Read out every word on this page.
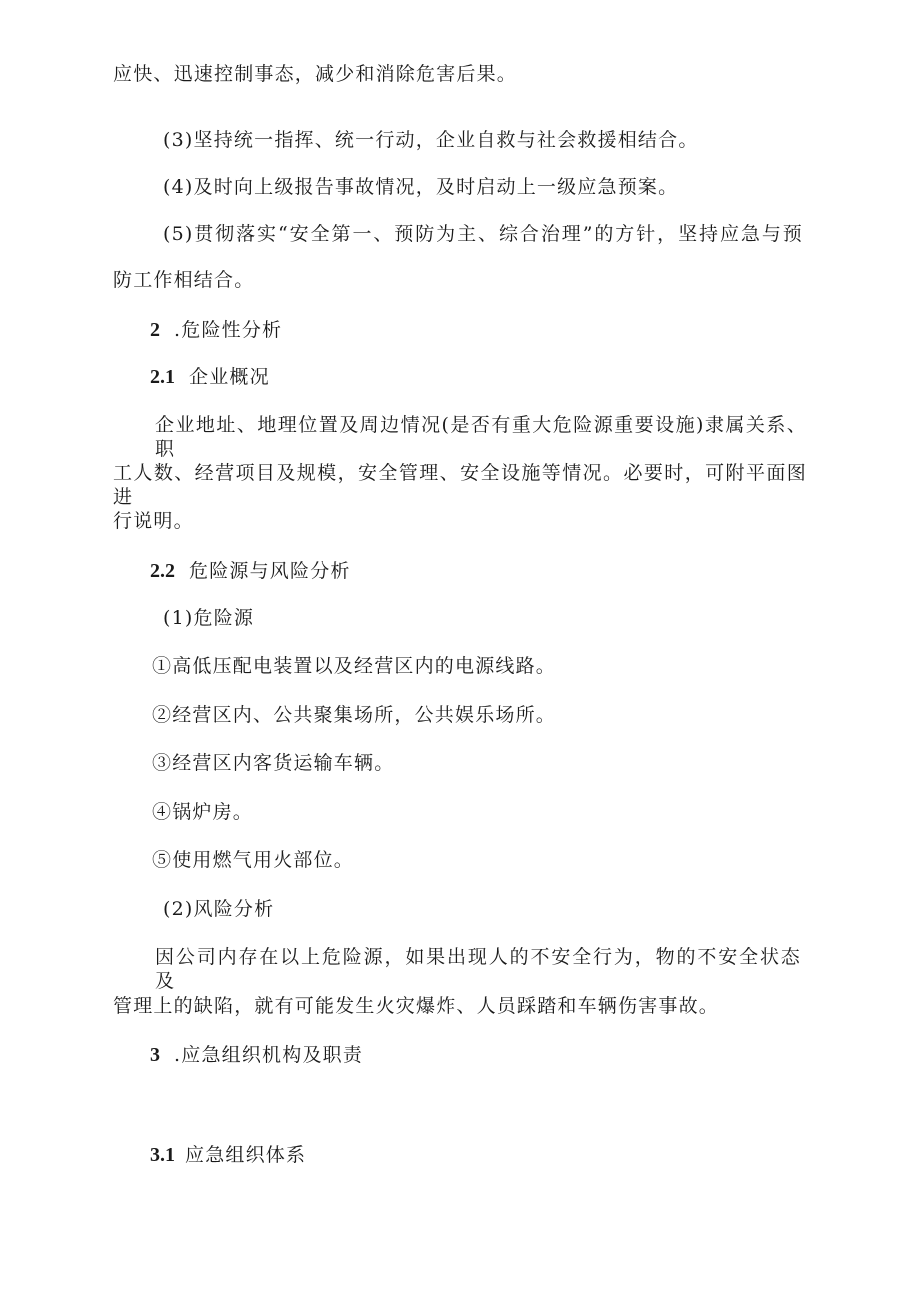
应快、迅速控制事态，减少和消除危害后果。

(3)坚持统一指挥、统一行动，企业自救与社会救援相结合。

(4)及时向上级报告事故情况，及时启动上一级应急预案。

(5)贯彻落实“安全第一、预防为主、综合治理”的方针，坚持应急与预

防工作相结合。

2 .危险性分析

2.1 企业概况

企业地址、地理位置及周边情况(是否有重大危险源重要设施)隶属关系、职

工人数、经营项目及规模，安全管理、安全设施等情况。必要时，可附平面图进

行说明。

2.2 危险源与风险分析

(1)危险源

①高低压配电装置以及经营区内的电源线路。

②经营区内、公共聚集场所，公共娱乐场所。

③经营区内客货运输车辆。

④锅炉房。

⑤使用燃气用火部位。

(2)风险分析

因公司内存在以上危险源，如果出现人的不安全行为，物的不安全状态及

管理上的缺陷，就有可能发生火灾爆炸、人员踩踏和车辆伤害事故。

3 .应急组织机构及职责

3.1 应急组织体系
